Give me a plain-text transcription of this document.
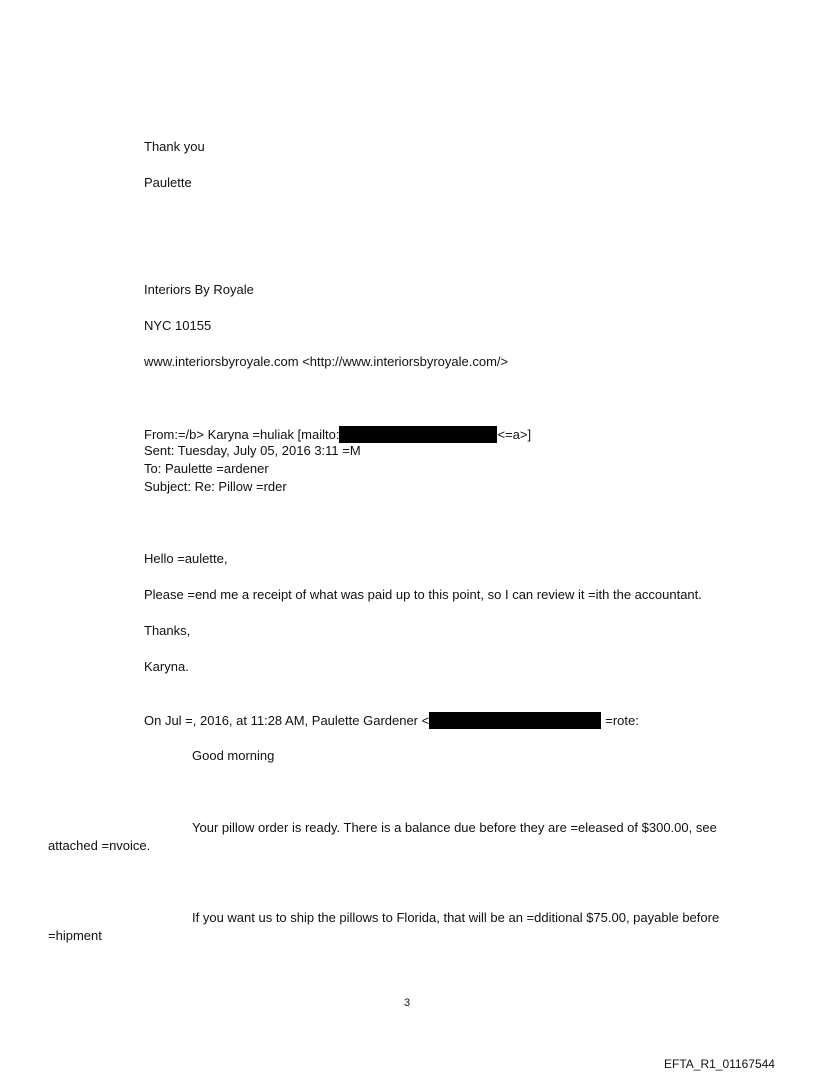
Thank you
Paulette
Interiors By Royale
NYC 10155
www.interiorsbyroyale.com <http://www.interiorsbyroyale.com/>
From:=/b> Karyna =huliak [mailto:	<=a>]
Sent: Tuesday, July 05, 2016 3:11 =M
To: Paulette =ardener
Subject: Re: Pillow =rder
Hello =aulette,
Please =end me a receipt of what was paid up to this point, so I can review it =ith the accountant.
Thanks,
Karyna.
On Jul =, 2016, at 11:28 AM, Paulette Gardener <	=rote:
Good morning
Your pillow order is ready. There is a balance due before they are =eleased of $300.00, see
attached =nvoice.
If you want us to ship the pillows to Florida, that will be an =dditional $75.00, payable before
=hipment
3
EFTA_R1_01167544
